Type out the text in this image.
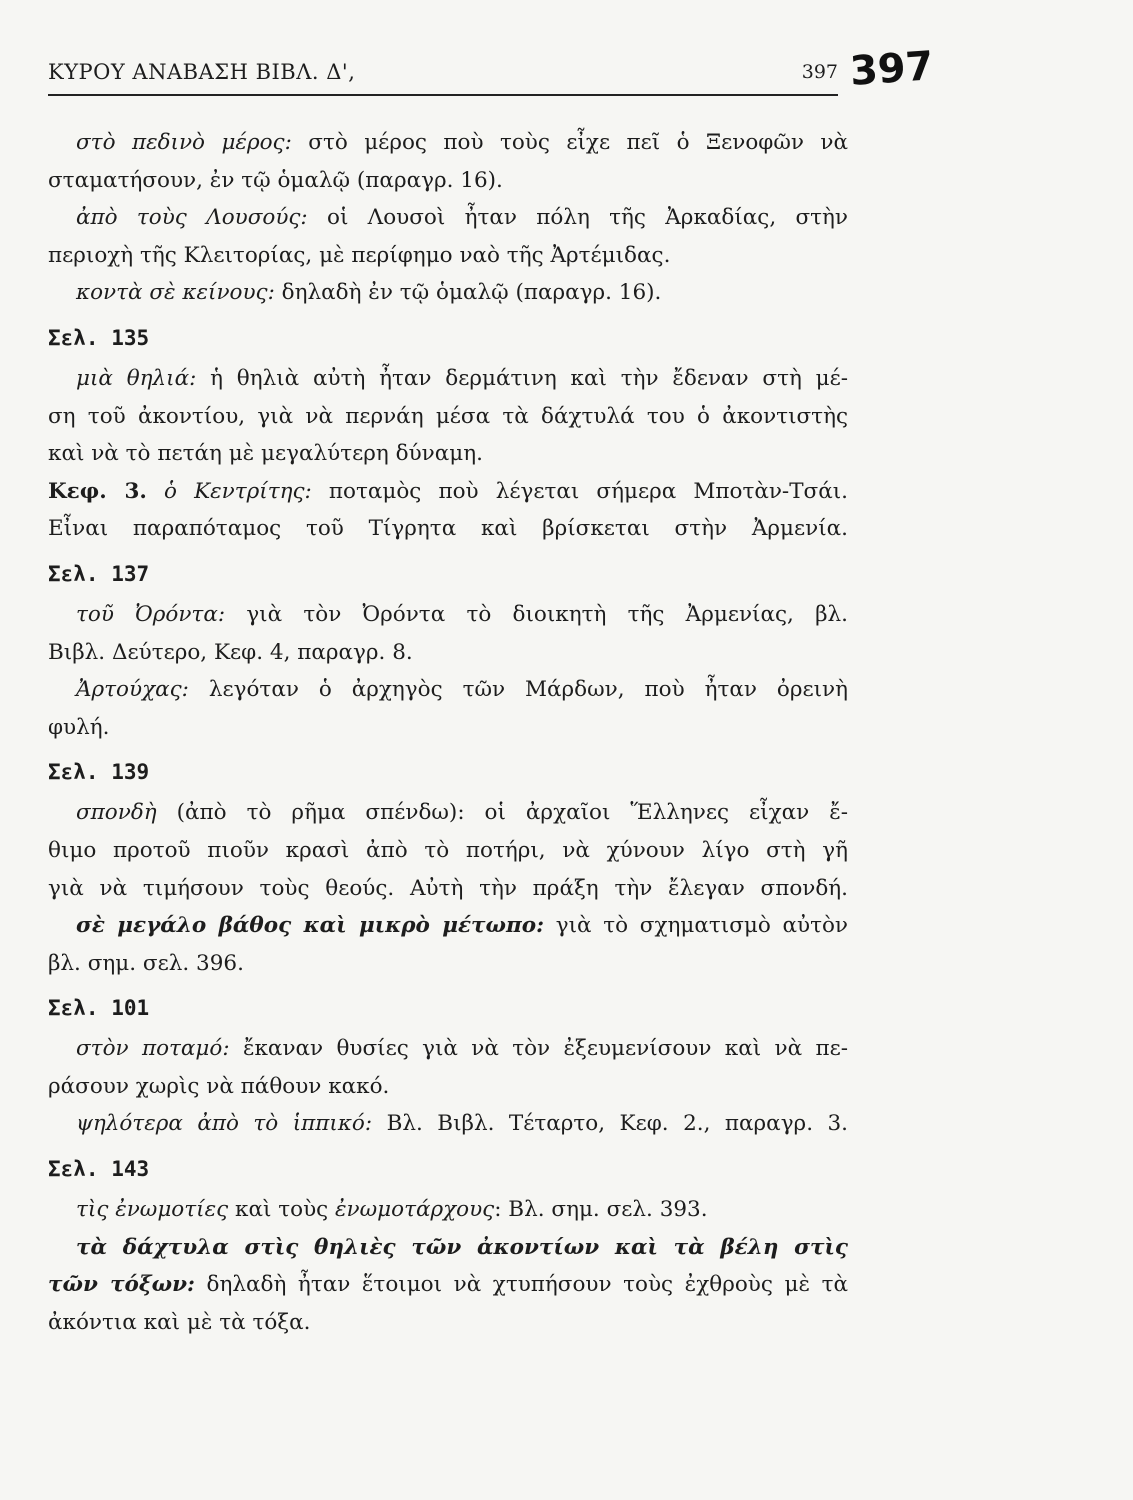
ΚΥΡΟΥ ΑΝΑΒΑΣΗ ΒΙΒΛ. Δ',	397 397
στὸ πεδινὸ μέρος: στὸ μέρος ποὺ τοὺς εἶχε πεῖ ὁ Ξενοφῶν νὰ
σταματήσουν, ἐν τῷ ὁμαλῷ (παραγρ. 16).
ἀπὸ τοὺς Λουσούς: οἱ Λουσοὶ ἦταν πόλη τῆς Ἀρκαδίας, στὴν
περιοχὴ τῆς Κλειτορίας, μὲ περίφημο ναὸ τῆς Ἀρτέμιδας.
κοντὰ σὲ κείνους: δηλαδὴ ἐν τῷ ὁμαλῷ (παραγρ. 16).
Σελ. 135
μιὰ θηλιά: ἡ θηλιὰ αὐτὴ ἦταν δερμάτινη καὶ τὴν ἔδεναν στὴ μέ-
ση τοῦ ἀκοντίου, γιὰ νὰ περνάη μέσα τὰ δάχτυλά του ὁ ἀκοντιστὴς
καὶ νὰ τὸ πετάη μὲ μεγαλύτερη δύναμη.
Κεφ. 3. ὁ Κεντρίτης: ποταμὸς ποὺ λέγεται σήμερα Μποτὰν-Τσάι.
Εἶναι παραπόταμος τοῦ Τίγρητα καὶ βρίσκεται στὴν Ἀρμενία.
Σελ. 137
τοῦ Ὀρόντα: γιὰ τὸν Ὀρόντα τὸ διοικητὴ τῆς Ἀρμενίας, βλ.
Βιβλ. Δεύτερο, Κεφ. 4, παραγρ. 8.
Ἀρτούχας: λεγόταν ὁ ἀρχηγὸς τῶν Μάρδων, ποὺ ἦταν ὀρεινὴ
φυλή.
Σελ. 139
σπονδὴ (ἀπὸ τὸ ρῆμα σπένδω): οἱ ἀρχαῖοι Ἕλληνες εἶχαν ἔ-
θιμο προτοῦ πιοῦν κρασὶ ἀπὸ τὸ ποτήρι, νὰ χύνουν λίγο στὴ γῆ
γιὰ νὰ τιμήσουν τοὺς θεούς. Αὐτὴ τὴν πράξη τὴν ἔλεγαν σπονδή.
σὲ μεγάλο βάθος καὶ μικρὸ μέτωπο: γιὰ τὸ σχηματισμὸ αὐτὸν
βλ. σημ. σελ. 396.
Σελ. 101
στὸν ποταμό: ἔκαναν θυσίες γιὰ νὰ τὸν ἐξευμενίσουν καὶ νὰ πε-
ράσουν χωρὶς νὰ πάθουν κακό.
ψηλότερα ἀπὸ τὸ ἱππικό: Βλ. Βιβλ. Τέταρτο, Κεφ. 2., παραγρ. 3.
Σελ. 143
τὶς ἐνωμοτίες καὶ τοὺς ἐνωμοτάρχους: Βλ. σημ. σελ. 393.
τὰ δάχτυλα στὶς θηλιὲς τῶν ἀκοντίων καὶ τὰ βέλη στὶς
τῶν τόξων: δηλαδὴ ἦταν ἕτοιμοι νὰ χτυπήσουν τοὺς ἐχθροὺς μὲ τὰ
ἀκόντια καὶ μὲ τὰ τόξα.
